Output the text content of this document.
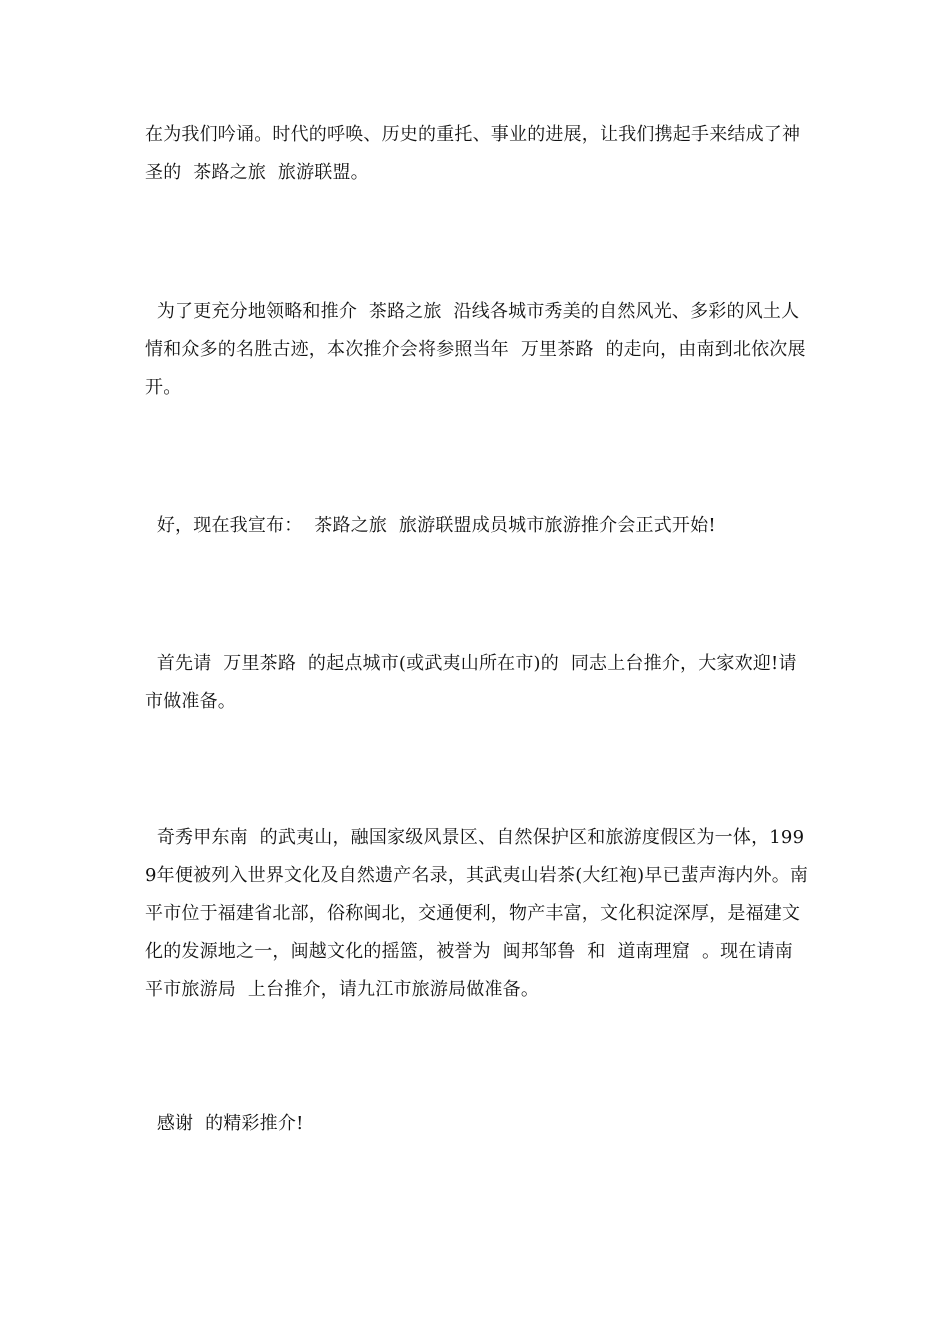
在为我们吟诵。时代的呼唤、历史的重托、事业的进展，让我们携起手来结成了神圣的  茶路之旅  旅游联盟。

为了更充分地领略和推介  茶路之旅  沿线各城市秀美的自然风光、多彩的风土人情和众多的名胜古迹，本次推介会将参照当年  万里茶路  的走向，由南到北依次展开。

好，现在我宣布：  茶路之旅  旅游联盟成员城市旅游推介会正式开始!

首先请  万里茶路  的起点城市(或武夷山所在市)的  同志上台推介，大家欢迎!请  市做准备。

奇秀甲东南  的武夷山，融国家级风景区、自然保护区和旅游度假区为一体，1999年便被列入世界文化及自然遗产名录，其武夷山岩茶(大红袍)早已蜚声海内外。南平市位于福建省北部，俗称闽北，交通便利，物产丰富，文化积淀深厚，是福建文化的发源地之一，闽越文化的摇篮，被誉为  闽邦邹鲁  和  道南理窟  。现在请南平市旅游局  上台推介，请九江市旅游局做准备。

感谢  的精彩推介!
